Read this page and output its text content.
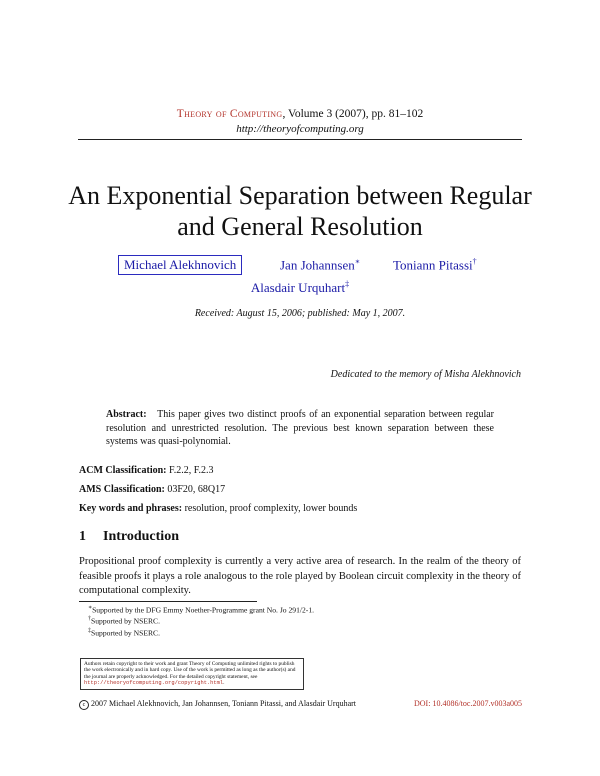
Theory of Computing, Volume 3 (2007), pp. 81–102
http://theoryofcomputing.org
An Exponential Separation between Regular
and General Resolution
Michael Alekhnovich	Jan Johannsen∗	Toniann Pitassi†
Alasdair Urquhart‡
Received: August 15, 2006; published: May 1, 2007.
Dedicated to the memory of Misha Alekhnovich
Abstract: This paper gives two distinct proofs of an exponential separation between regular resolution and unrestricted resolution. The previous best known separation between these systems was quasi-polynomial.
ACM Classification: F.2.2, F.2.3
AMS Classification: 03F20, 68Q17
Key words and phrases: resolution, proof complexity, lower bounds
1 Introduction
Propositional proof complexity is currently a very active area of research. In the realm of the theory of feasible proofs it plays a role analogous to the role played by Boolean circuit complexity in the theory of computational complexity.
∗Supported by the DFG Emmy Noether-Programme grant No. Jo 291/2-1.
†Supported by NSERC.
‡Supported by NSERC.
Authors retain copyright to their work and grant Theory of Computing unlimited rights to publish the work electronically and in hard copy. Use of the work is permitted as long as the author(s) and the journal are properly acknowledged. For the detailed copyright statement, see http://theoryofcomputing.org/copyright.html.
c 2007 Michael Alekhnovich, Jan Johannsen, Toniann Pitassi, and Alasdair Urquhart	DOI: 10.4086/toc.2007.v003a005
